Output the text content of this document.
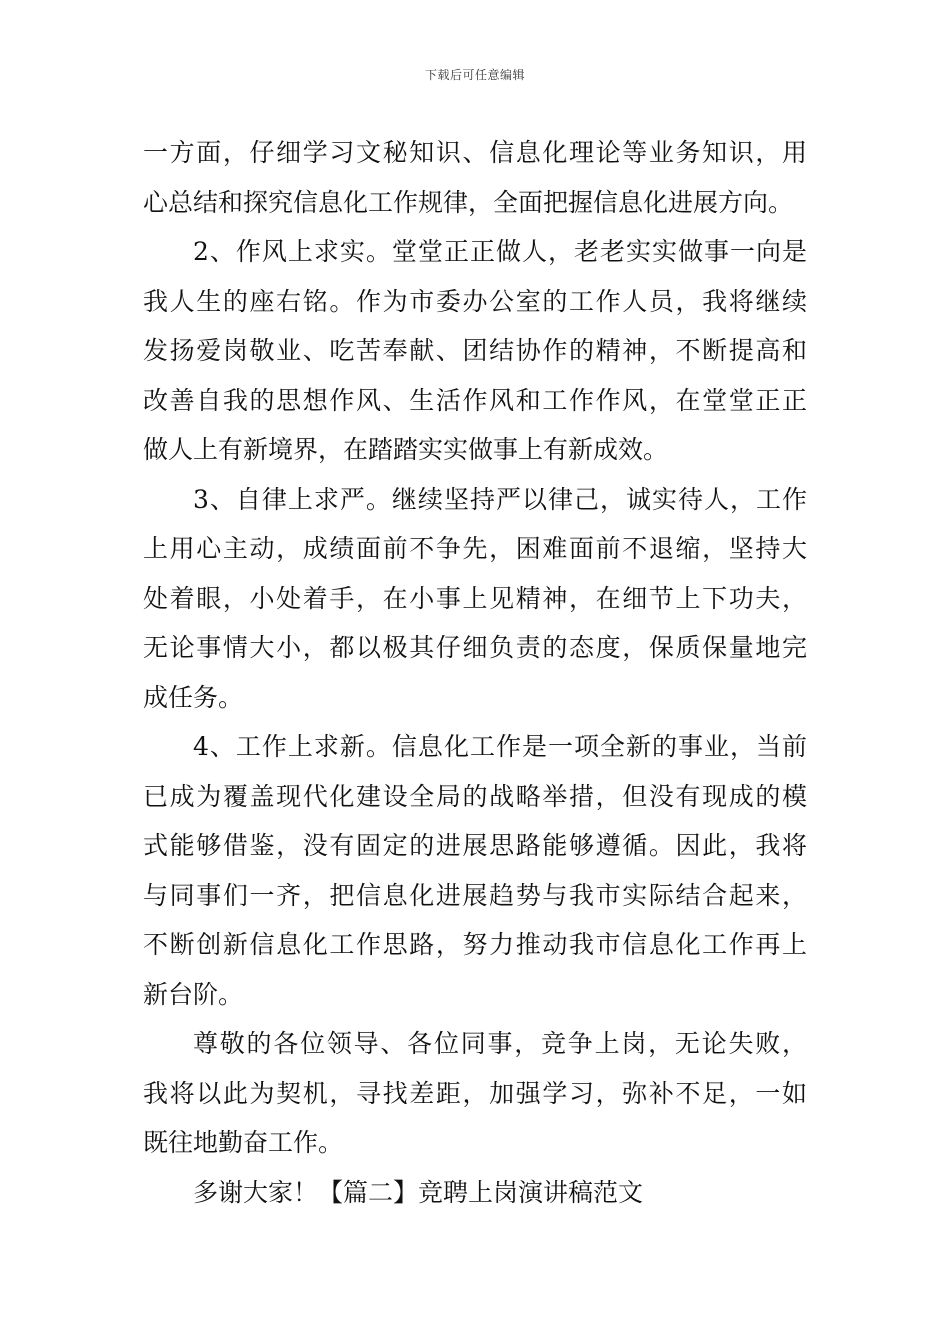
下载后可任意编辑
一方面，仔细学习文秘知识、信息化理论等业务知识，用
心总结和探究信息化工作规律，全面把握信息化进展方向。
2、作风上求实。堂堂正正做人，老老实实做事一向是
我人生的座右铭。作为市委办公室的工作人员，我将继续
发扬爱岗敬业、吃苦奉献、团结协作的精神，不断提高和
改善自我的思想作风、生活作风和工作作风，在堂堂正正
做人上有新境界，在踏踏实实做事上有新成效。
3、自律上求严。继续坚持严以律己，诚实待人，工作
上用心主动，成绩面前不争先，困难面前不退缩，坚持大
处着眼，小处着手，在小事上见精神，在细节上下功夫，
无论事情大小，都以极其仔细负责的态度，保质保量地完
成任务。
4、工作上求新。信息化工作是一项全新的事业，当前
已成为覆盖现代化建设全局的战略举措，但没有现成的模
式能够借鉴，没有固定的进展思路能够遵循。因此，我将
与同事们一齐，把信息化进展趋势与我市实际结合起来，
不断创新信息化工作思路，努力推动我市信息化工作再上
新台阶。
尊敬的各位领导、各位同事，竞争上岗，无论失败，
我将以此为契机，寻找差距，加强学习，弥补不足，一如
既往地勤奋工作。
多谢大家！【篇二】竞聘上岗演讲稿范文
